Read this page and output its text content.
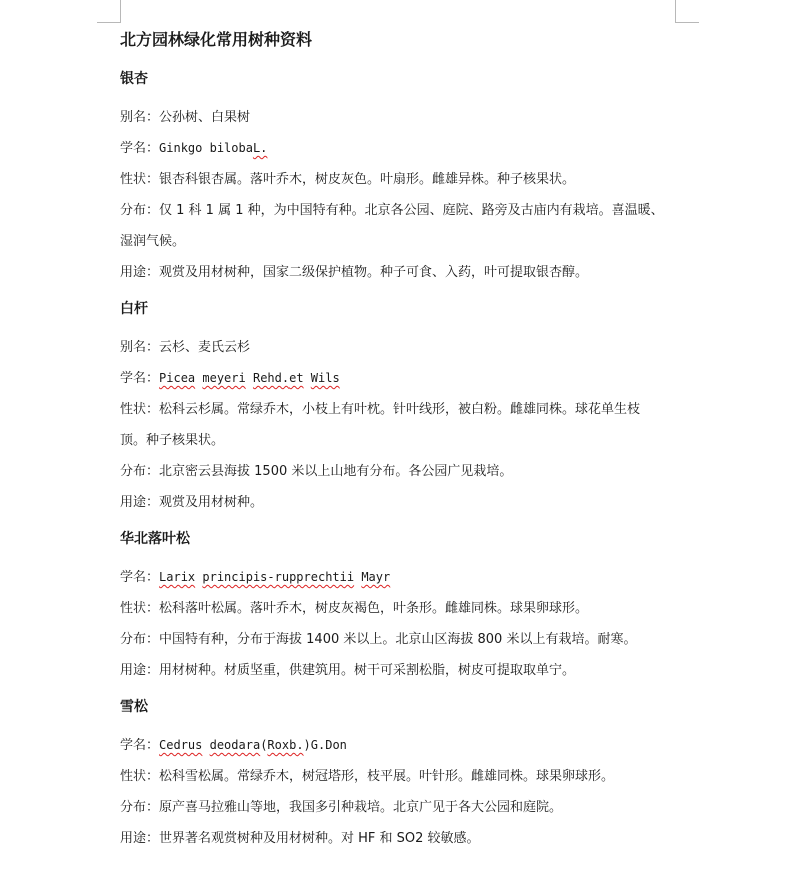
北方园林绿化常用树种资料
银杏
别名：公孙树、白果树
学名：Ginkgo bilobaL.
性状：银杏科银杏属。落叶乔木，树皮灰色。叶扇形。雌雄异株。种子核果状。
分布：仅 1 科 1 属 1 种，为中国特有种。北京各公园、庭院、路旁及古庙内有栽培。喜温暖、
湿润气候。
用途：观赏及用材树种，国家二级保护植物。种子可食、入药，叶可提取银杏醇。
白杆
别名：云杉、麦氏云杉
学名：Picea meyeri Rehd.et Wils
性状：松科云杉属。常绿乔木，小枝上有叶枕。针叶线形，被白粉。雌雄同株。球花单生枝
顶。种子核果状。
分布：北京密云县海拔 1500 米以上山地有分布。各公园广见栽培。
用途：观赏及用材树种。
华北落叶松
学名：Larix principis-rupprechtii Mayr
性状：松科落叶松属。落叶乔木，树皮灰褐色，叶条形。雌雄同株。球果卵球形。
分布：中国特有种，分布于海拔 1400 米以上。北京山区海拔 800 米以上有栽培。耐寒。
用途：用材树种。材质坚重，供建筑用。树干可采割松脂，树皮可提取取单宁。
雪松
学名：Cedrus deodara(Roxb.)G.Don
性状：松科雪松属。常绿乔木，树冠塔形，枝平展。叶针形。雌雄同株。球果卵球形。
分布：原产喜马拉雅山等地，我国多引种栽培。北京广见于各大公园和庭院。
用途：世界著名观赏树种及用材树种。对 HF 和 SO2 较敏感。
